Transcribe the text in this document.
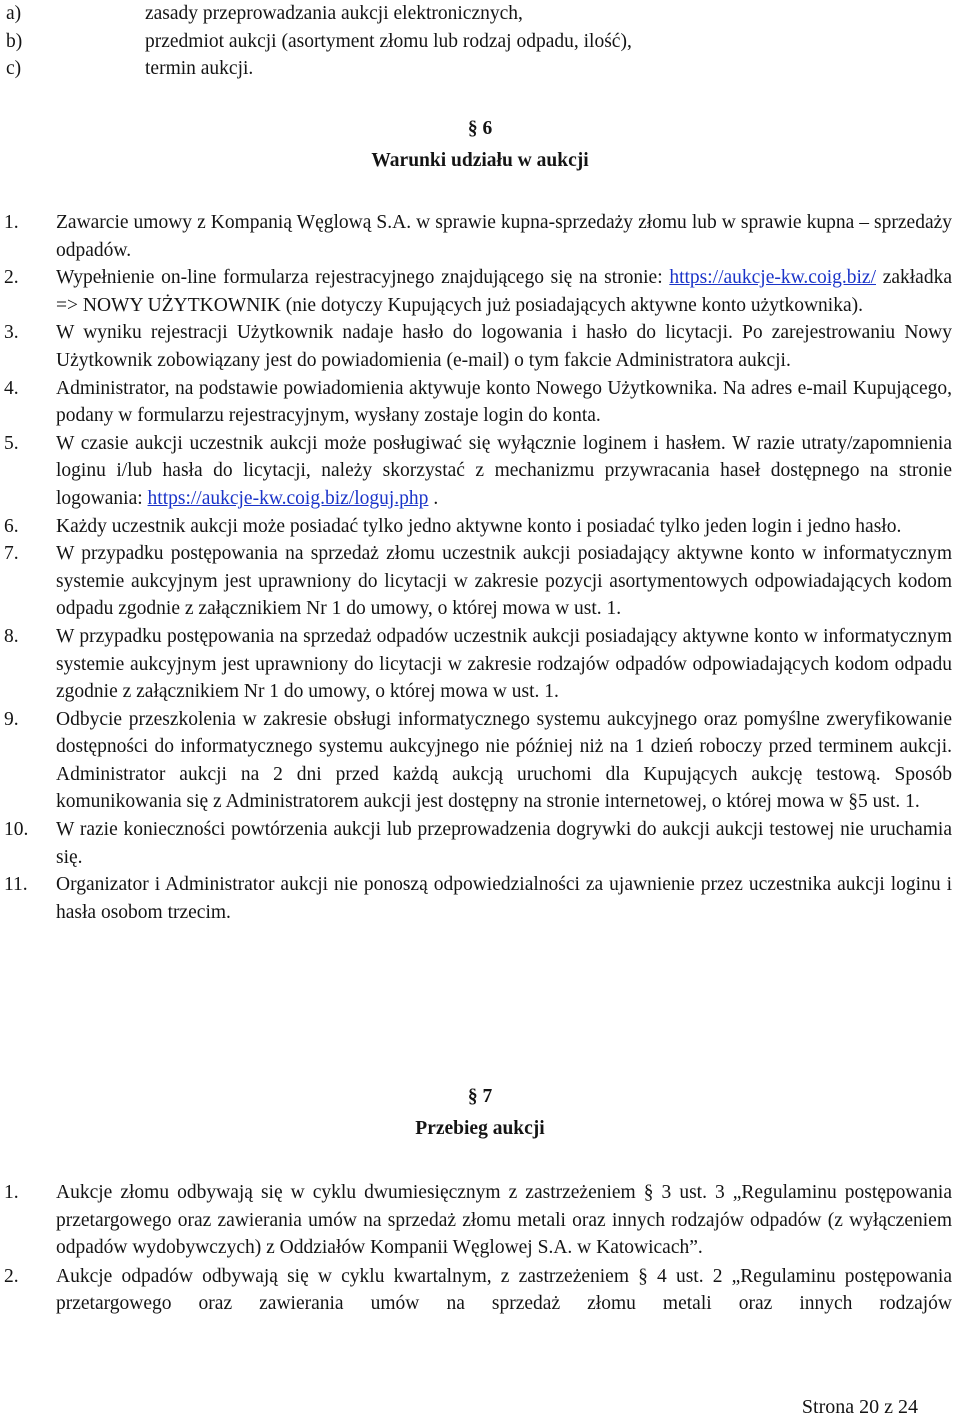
a)	zasady przeprowadzania aukcji elektronicznych,
b)	przedmiot aukcji (asortyment złomu lub rodzaj odpadu, ilość),
c)	termin aukcji.
§ 6
Warunki udziału w aukcji
1. Zawarcie umowy z Kompanią Węglową S.A. w sprawie kupna-sprzedaży złomu lub w sprawie kupna – sprzedaży odpadów.
2. Wypełnienie on-line formularza rejestracyjnego znajdującego się na stronie: https://aukcje-kw.coig.biz/ zakładka => NOWY UŻYTKOWNIK (nie dotyczy Kupujących już posiadających aktywne konto użytkownika).
3. W wyniku rejestracji Użytkownik nadaje hasło do logowania i hasło do licytacji. Po zarejestrowaniu Nowy Użytkownik zobowiązany jest do powiadomienia (e-mail) o tym fakcie Administratora aukcji.
4. Administrator, na podstawie powiadomienia aktywuje konto Nowego Użytkownika. Na adres e-mail Kupującego, podany w formularzu rejestracyjnym, wysłany zostaje login do konta.
5. W czasie aukcji uczestnik aukcji może posługiwać się wyłącznie loginem i hasłem. W razie utraty/zapomnienia loginu i/lub hasła do licytacji, należy skorzystać z mechanizmu przywracania haseł dostępnego na stronie logowania: https://aukcje-kw.coig.biz/loguj.php .
6. Każdy uczestnik aukcji może posiadać tylko jedno aktywne konto i posiadać tylko jeden login i jedno hasło.
7. W przypadku postępowania na sprzedaż złomu uczestnik aukcji posiadający aktywne konto w informatycznym systemie aukcyjnym jest uprawniony do licytacji w zakresie pozycji asortymentowych odpowiadających kodom odpadu zgodnie z załącznikiem Nr 1 do umowy, o której mowa w ust. 1.
8. W przypadku postępowania na sprzedaż odpadów uczestnik aukcji posiadający aktywne konto w informatycznym systemie aukcyjnym jest uprawniony do licytacji w zakresie rodzajów odpadów odpowiadających kodom odpadu zgodnie z załącznikiem Nr 1 do umowy, o której mowa w ust. 1.
9. Odbycie przeszkolenia w zakresie obsługi informatycznego systemu aukcyjnego oraz pomyślne zweryfikowanie dostępności do informatycznego systemu aukcyjnego nie później niż na 1 dzień roboczy przed terminem aukcji. Administrator aukcji na 2 dni przed każdą aukcją uruchomi dla Kupujących aukcję testową. Sposób komunikowania się z Administratorem aukcji jest dostępny na stronie internetowej, o której mowa w §5 ust. 1.
10. W razie konieczności powtórzenia aukcji lub przeprowadzenia dogrywki do aukcji aukcji testowej nie uruchamia się.
11. Organizator i Administrator aukcji nie ponoszą odpowiedzialności za ujawnienie przez uczestnika aukcji loginu i hasła osobom trzecim.
§ 7
Przebieg aukcji
1. Aukcje złomu odbywają się w cyklu dwumiesięcznym z zastrzeżeniem § 3 ust. 3 „Regulaminu postępowania przetargowego oraz zawierania umów na sprzedaż złomu metali oraz innych rodzajów odpadów (z wyłączeniem odpadów wydobywczych) z Oddziałów Kompanii Węglowej S.A. w Katowicach”.
2. Aukcje odpadów odbywają się w cyklu kwartalnym, z zastrzeżeniem § 4 ust. 2 „Regulaminu postępowania przetargowego oraz zawierania umów na sprzedaż złomu metali oraz innych rodzajów
Strona 20 z 24
